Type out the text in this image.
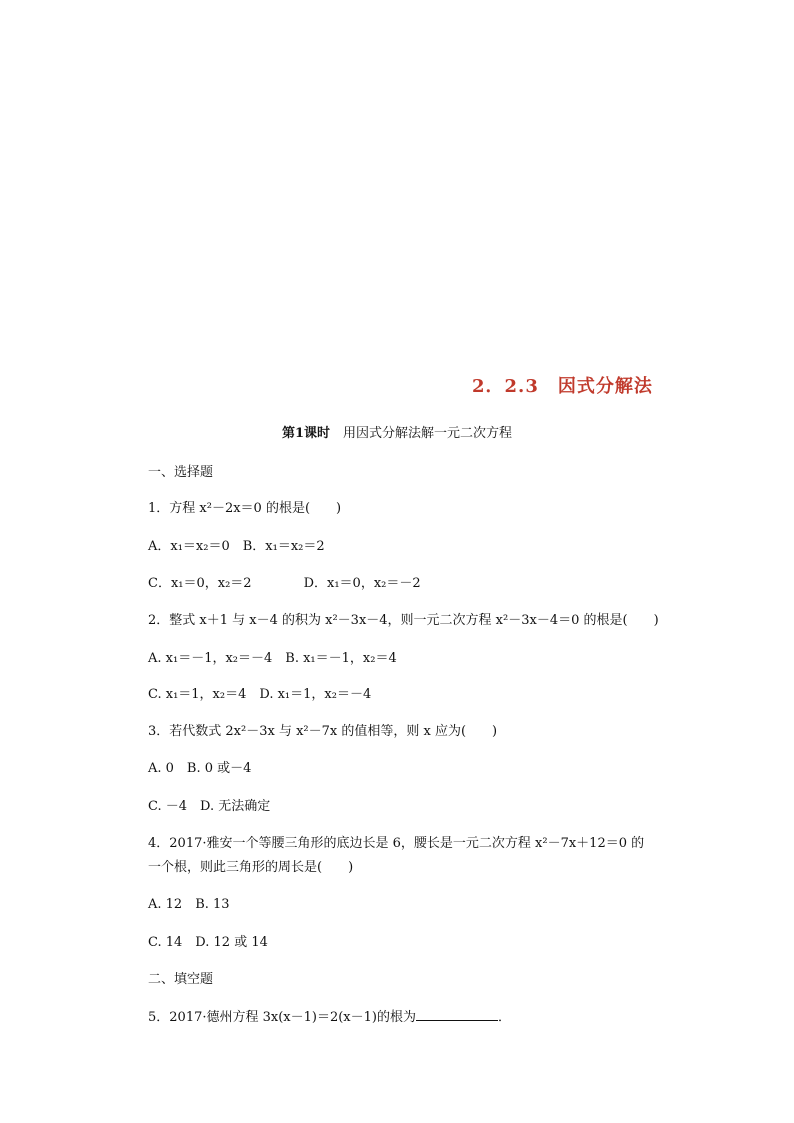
2．2.3　因式分解法
第1课时　用因式分解法解一元二次方程
一、选择题
1．方程 x²－2x＝0 的根是(　　)
A．x₁＝x₂＝0　B．x₁＝x₂＝2
C．x₁＝0，x₂＝2	D．x₁＝0，x₂＝－2
2．整式 x＋1 与 x－4 的积为 x²－3x－4，则一元二次方程 x²－3x－4＝0 的根是(　　)
A. x₁＝－1，x₂＝－4　B. x₁＝－1，x₂＝4
C. x₁＝1，x₂＝4　D. x₁＝1，x₂＝－4
3．若代数式 2x²－3x 与 x²－7x 的值相等，则 x 应为(　　)
A. 0　B. 0 或－4
C. －4　D. 无法确定
4．2017·雅安一个等腰三角形的底边长是 6，腰长是一元二次方程 x²－7x＋12＝0 的
一个根，则此三角形的周长是(　　)
A. 12　B. 13
C. 14　D. 12 或 14
二、填空题
5．2017·德州方程 3x(x－1)＝2(x－1)的根为	．
